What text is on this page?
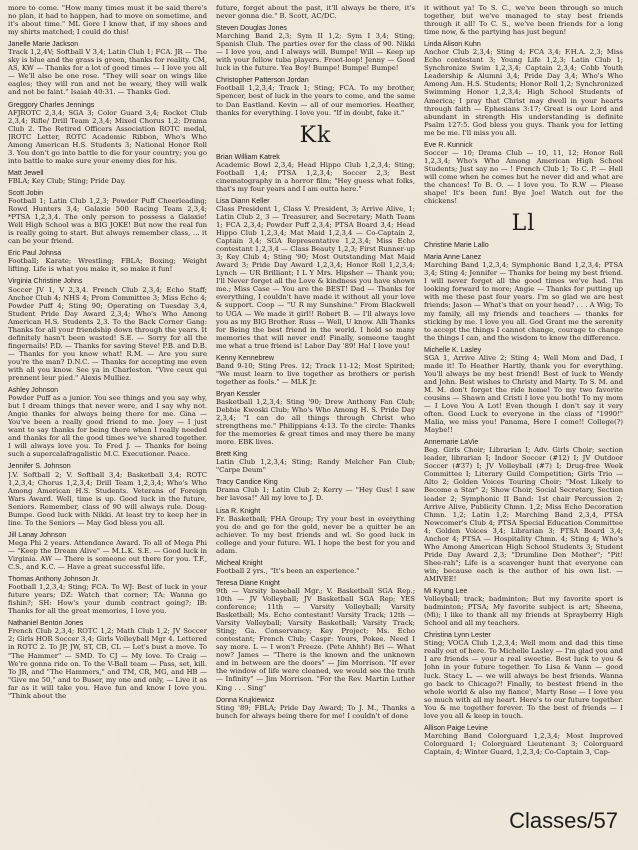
more to come. "How many times must it be said there's no plan, it had to happen, had to move on sometime, and it's about time." ML Gore I know that, if my shoes and my shirts matched; I could do this!
Janelle Marie Jackson
Track 1,2,4V; Softball V 3,4; Latin Club 1; FCA. JR — The sky is blue and the grass is green, thanks for reality. CM, AS, KW — Thanks for a lot of good times — I love you all — We'll also be one rose. "They will soar on wings like eagles; they will run and not be weary, they will walk and not be faint." Isaiah 40:31. — Thanks God.
Greggory Charles Jennings
AFJROTC 2,3,4; SGA 3; Color Guard 3,4; Rocket Club 2,3,4; Rifle/ Drill Team 2,3,4; Mixed Chorus 1,2; Drama Club 2. The Retired Officers Association ROTC medal, JROTC Letter, ROTC Academic Ribbon, Who's Who Among American H.S. Students 3; National Honor Roll 3. You don't go into battle to die for your country; you go into battle to make sure your enemy dies for his.
Matt Jewell
FBLA; Key Club; Sting; Pride Day.
Scott Jobin
Football 1; Latin Club 1,2,3; Powder Puff Cheerleading; Rowd Hunters 3,4; Galaxie 500 Racing Team 2,3,4; *PTSA 1,2,3,4. The only person to possess a Galaxie! Well High School was a BIG JOKE! But now the real fun is really going to start. But always remember class, ... it can be your friend.
Eric Paul Johnsa
Football; Karate; Wrestling; FBLA; Boxing; Weight lifting. Life is what you make it, so make it fun!
Virginia Christine Johns
Soccer JV 1, V 2,3,4. French Club 2,3,4; Echo Staff; Anchor Club 4; NHS 4; Prom Committee 3; Miss Echo 4; Powder Puff 4; Sting 90; Operating on Tuesday 3,4, Student Pride Day Award 2,3,4; Who's Who Among American H.S. Students 2,3. To the Back Corner Gang: Thanks for all your friendship down through the years. It definitely hasn't been wasted! S.E. — Sorry for all the fingernails! P.D. — Thanks for saving Steve! P.B. and D.B. — Thanks for you know what! R.M. — Are you sure you're the man? D.N.C. — Thanks for accepting me even with all you know. See ya in Charleston. "Vive ceux qui prennent leur pied." Alexis Mulliez.
Ashley Johnson
Powder Puff as a junior. You see things and you say why, but I dream things that never were, and I say why not. Angie thanks for always being there for me. Gina — You've been a really good friend to me. Joey — I just want to say thanks for being there when I really needed and thanks for all the good times we've shared together. I will always love you. To Fred J. — Thanks for being such a supercalafragalistic M.C. Executioner. Peace.
Jennifer S. Johnson
J.V. Softball 2; V. Softball 3,4; Basketball 3,4; ROTC 1,2,3,4; Chorus 1,2,3,4; Drill Team 1,2,3,4; Who's Who Among American H.S. Students. Veterans of Foreign Wars Award. Well, time is up. Good luck in the future, Seniors. Remember, class of 90 will always rule. Doug-Bumpe. Good luck with Nikki. At least try to keep her in line. To the Seniors — May God bless you all.
Jill Lanay Johnson
Mega Phi 2 years. Attendance Award. To all of Mega Phi — "Keep the Dream Alive" — M.L.K. S.E. — Good luck in Virginia. AW — There is someone out there for you. T.F., C.S., and K.C. — Have a great successful life.
Thomas Anthony Johnson Jr.
Football 1,2,3,4; Sting; FCA. To WJ: Best of luck in your future years; DZ: Watch that corner; TA: Wanna go fishin?; SH: How's your dumb contract going?; IB: Thanks for all the great memories, I love you.
Nathaniel Benton Jones
French Club 2,3,4; ROTC 1,2; Math Club 1,2; JV Soccer 2; Girls HOR Soccer 3,4; Girls Volleyball Mgr 4. Lettered in ROTC 2. To JP, JW, ST, CB, CL — Let's bust a move. To "The Hammer" — SMD. To CJ — My love. To Craig — We're gonna ride on. To the V-Ball team — Pass, set, kill. To JR, and "The Hammers," and TM, CR, MG, and HB — "Give me 50," and to Buser, my one and only, — Live it as far as it will take you. Have fun and know I love you. "Think about the
future, forget about the past, it'll always be there, it's never gonna die." B. Scott, AC/DC.
Steven Douglas Jones
Marching Band 2,3; Sym II 1,2; Sym I 3,4; Sting; Spanish Club. The parties over for the class of 90. Nikki — I love you, and I always will. Bumpe! Will — Keep up with your fellow tuba players. Froot-loop! Jenny — Good luck in the future. Yea Boy! Bumpe! Bumpe! Bumpe!
Christopher Patterson Jordan
Football 1,2,3,4; Track 1; Sting; FCA. To my brother, Spencer, best of luck in the years to come, and the same to Dan Eastland. Kevin — all of our memories. Heather, thanks for everything. I love you. "If in doubt, fake it."
Kk
Brian William Katrek
Academic Bowl 2,3,4; Head Hippo Club 1,2,3,4; Sting; Football 1,4; PTSA 1,2,3,4; Soccer 2,3; Best cinematography in a horror film; "Hey guess what folks, that's my four years and I am outta here."
Lisa Diann Keller
Class President 1, Class V. President, 3; Arrive Alive, 1; Latin Club 2, 3 — Treasurer, and Secretary; Math Team 1; FCA 2,3,4; Powder Puff 2,3,4; PTSA Board 3,4; Head Hippo Club 1,2,3,4; Mat Maid 1,2,3,4 — Co-Captain 2, Captain 3,4; SGA Representative 1,2,3,4; Miss Echo contestant 1,2,3,4 — Class Beauty 1,2,3; First Runner-up 3; Key Club 4; Sting '90; Most Outstanding Mat Maid Award 3; Pride Day Award 1,2,3,4; Honor Roll 1,2,3,4; Lynch — UR Brilliant; I L Y Mrs. Hipsher — Thank you; I'll Never forget all the Love & kindness you have shown me.; Miss Case — You are the BEST! Dad — Thanks for everything, I couldn't have made it without all your love & support. Coop — "U R my Sunshine." From Blackwell to UGA — We made it girl!! Robert B. — I'll always love you as my BIG Brother. Russ — Well, U know. Alli Thanks for Being the best friend in the world. I hold so many memories that will never end! Finally, someone taught me what a true friend is! Labor Day '89! Ha! I love you!
Kenny Kennebrew
Band 9-10; Sting Pres. 12; Track 11-12; Most Spirited; "We must learn to live together as brothers or perish together as fools." — MLK Jr.
Bryan Kessler
Basketball 1,2,3,4; Sting '90; Drew Anthony Fan Club; Debbie Kwoski Club; Who's Who Among H. S. Pride Day 2,3,4; "I can do all things through Christ who strengthens me." Philippians 4:13. To the circle: Thanks for the memories & great times and may there be many more. EBK lives.
Brett King
Latin Club 1,2,3,4; Sting; Randy Melcher Fan Club; "Carpe Deum"
Tracy Candice King
Drama Club 1; Latin Club 2; Kerry — "Hey Gus! I saw her lavosa!" All my love to J. D.
Lisa R. Knight
Fr. Basketball; FHA Group; Try your best in everything you do and go for the gold, never be a quitter be an achiever. To my best friends and wl. So good luck in college and your future. WL I hope the best for you and adam.
Micheal Knight
Football 2 yrs., "It's been an experience."
Teresa Diane Knight
9th — Varsity baseball Mgr.; V. Basketball SGA Rep.; 10th — JV Volleyball; JV Basketball SGA Rep; YES conference; 11th — Varsity Volleyball; Varsity Basketball; Ms. Echo contestant! Varsity Track; 12th — Varsity Volleyball; Varsity Basketball; Varsity Track; Sting; Ga. Conservancy; Key Project; Ms. Echo contestant; French Club; Caspr: Yours, Pokee. Need I say more. L — I won't Freeze. (Pete Ahhh!) Bri — What now? James — "There is the known and the unknown and in between are the doors" — Jim Morrison. "If ever the window of life were cleaned, we would see the truth — Infinity" — Jim Morrison. "For the Rev. Martin Luther King . . . Sing"
Donna Krujkiewicz
Sting '89; FBLA; Pride Day Award; To J. M., Thanks a bunch for always being there for me! I couldn't of done
it without ya! To S. C., we've been through so much together, but we've managed to stay best friends through it all! To C. S., we've been friends for a long time now, & the partying has just begun!
Linda Alison Kuhn
Anchor Club 2,3,4; Sting 4; FCA 3,4; F.H.A. 2,3; Miss Echo contestant 3; Young Life 1,2,3; Latin Club 1; Synchronize Swim 1,2,3,4; Captain 2,3,4; Cobb Youth Leadership & Alumni 3,4; Pride Day 3,4; Who's Who Among Am. H.S. Students; Honor Roll 1,2; Synchronized Swimming Honor 1,2,3,4; High School Students of America; I pray that Christ may dwell in your hearts through faith — Ephesians 3:17; Great is our Lord and abundant in strength His understanding is definite Psalm 127:5. God bless you guys. Thank you for letting me be me. I'll miss you all.
Eve R. Kunnick
Soccer — 10; Drama Club — 10, 11, 12; Honor Roll 1,2,3,4; Who's Who Among American High School Students; Just say no — ! French Club 1; To C. P. — Hell will come when he comes but he never did and what are the chances! To B. O. — I love you. To R.W — Please shape! It's been fun! Bye Joe! Watch out for the chickens!
Ll
Christine Marie Lallo
Maria Anne Lanez
Marching Band 1,2,3,4; Symphonic Band 1,2,3,4; PTSA 3,4; Sting 4; Jennifer — Thanks for being my best friend. I will never forget all the good times we've had. I'm looking forward to more; Angie — Thanks for putting up with me these past four years. I'm so glad we are best friends; Jason — What's that on your head? . . . A Wig; To my family, all my friends and teachers — thanks for sticking by me. I love you all. God Grant me the serenity to accept the things I cannot change, courage to change the things I can, and the wisdom to know the difference.
Michelle K. Lasley
SGA 1, Arrive Alive 2; Sting 4; Well Mom and Dad, I made it! To Heather Hartly, thank you for everything. You'll always be my best friend! Best of luck to Wendy and John. Best wishes to Christy and Marty. To S. M. and M. M. don't forget the ride home! To my two favorite cousins — Shawn and Cristi I love you both! To my mom — I Love You A Lot! Even though I don't say it very often. Good Luck to everyone in the class of "1990!" Malia, we miss you! Panama, Here I come!! College(?) Maybe!!
Annemarie LaVie
Beg. Girls Choir; Librarian I; Adv. Girls Choir; section leader, librarian I; Indoor Soccer (#12) I; JV Outdoor Soccer (#37) I; JV Volleyball (#7) I; Drug-free Week Committee I; Literary Guild Competition; Girls Trio — Alto 2; Golden Voices Touring Choir; "Most Likely to Become a Star" 2; Show Choir, Social Secretary, Section leader 2; Symphonic II Band: 1st chair Percussion 2; Arrive Alive, Publicity Chmn. 1,2; Miss Echo Decoration Chmn. 1,2; Latin 1,2; Marching Band 2,3,4, PTSA Newcomer's Club 4; PTSA Special Education Committee 4; Golden Voices 3,4; Librarian 3; PTSA Board 3,4; Anchor 4; PTSA — Hospitality Chmn. 4; Sting 4; Who's Who Among American High School Students 3; Student Pride Day Award 2,3; "Drumline Den Mother"; "Pit! Shee-rah"; Life is a scavenger hunt that everyone can win; because each is the author of his own list. — AMIVEE!
Mi Kyung Lee
Volleyball; track; badminton; But my favorite sport is badminton; PTSA; My favorite subject is art; Sheena, (Mi); I like to thank all my friends at Sprayberry High School and all my teachers.
Christina Lynn Lester
Sting; VOCA Club 1,2,3,4; Well mom and dad this time really out of here. To Michelle Lasley — I'm glad you and I are friends — your a real sweetie. Best luck to you & John in your future together. To Lisa & Vann — good luck. Stacy L. — we will always be best friends. Wanna go back to Chicago?! Finally, to bestest friend in the whole world & also my fiance', Marty Rose — I love you so much with all my heart. Here's to our future together. You & me together forever. To the best of friends — I love you all & keep in touch.
Allison Paige Levine
Marching Band Colorguard 1,2,3,4; Most Improved Colorguard 1; Colorguard Lieutenant 3; Colorguard Captain, 4; Winter Guard, 1,2,3,4; Co-Captain 3, Cap-
Classes/57
